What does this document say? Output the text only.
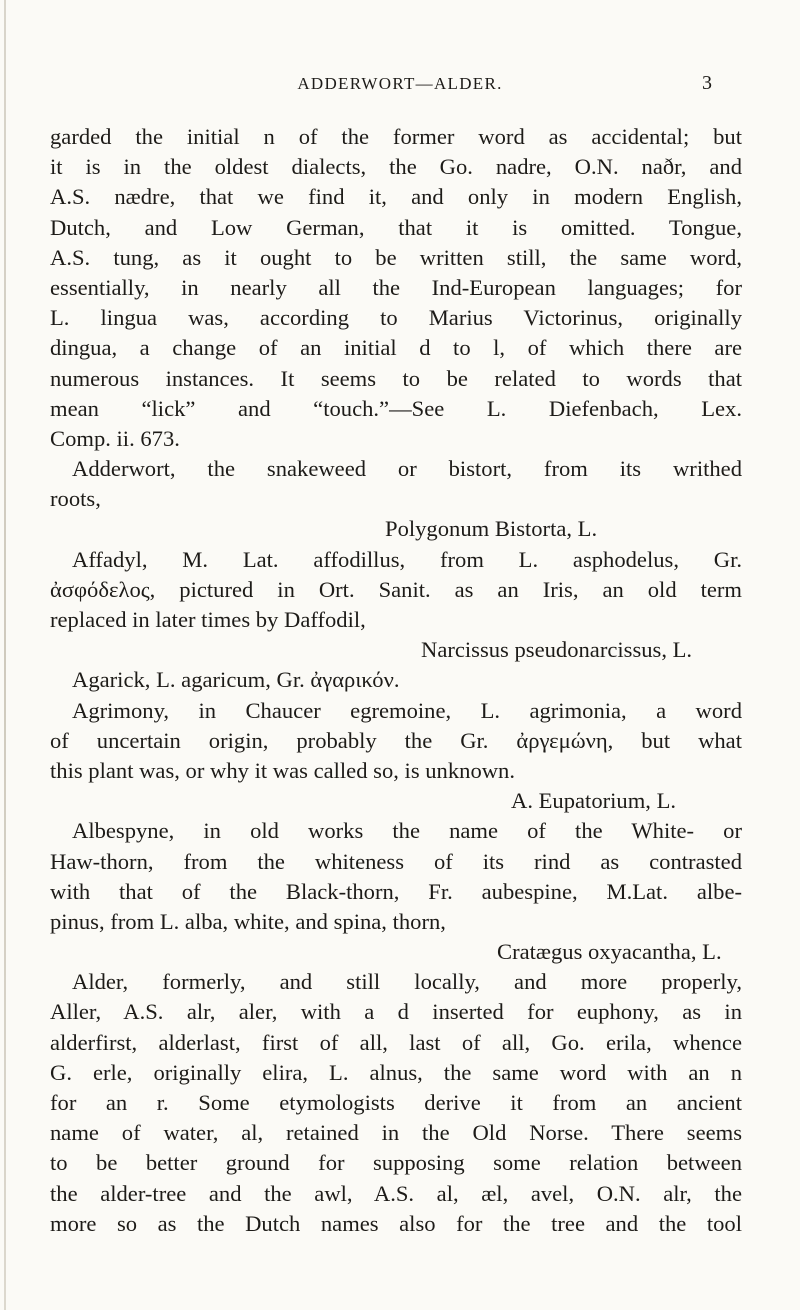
ADDERWORT—ALDER.	3
garded the initial n of the former word as accidental; but
it is in the oldest dialects, the Go. nadre, O.N. naðr, and
A.S. nædre, that we find it, and only in modern English,
Dutch, and Low German, that it is omitted. Tongue,
A.S. tung, as it ought to be written still, the same word,
essentially, in nearly all the Ind-European languages; for
L. lingua was, according to Marius Victorinus, originally
dingua, a change of an initial d to l, of which there are
numerous instances. It seems to be related to words that
mean “lick” and “touch.”—See L. Diefenbach, Lex.
Comp. ii. 673.
Adderwort, the snakeweed or bistort, from its writhed
roots,
Polygonum Bistorta, L.
Affadyl, M. Lat. affodillus, from L. asphodelus, Gr.
ἀσφόδελος, pictured in Ort. Sanit. as an Iris, an old term
replaced in later times by Daffodil,
Narcissus pseudonarcissus, L.
Agarick, L. agaricum, Gr. ἀγαρικόν.
Agrimony, in Chaucer egremoine, L. agrimonia, a word
of uncertain origin, probably the Gr. ἀργεμώνη, but what
this plant was, or why it was called so, is unknown.
A. Eupatorium, L.
Albespyne, in old works the name of the White- or
Haw-thorn, from the whiteness of its rind as contrasted
with that of the Black-thorn, Fr. aubespine, M.Lat. albe-
pinus, from L. alba, white, and spina, thorn,
Cratægus oxyacantha, L.
Alder, formerly, and still locally, and more properly,
Aller, A.S. alr, aler, with a d inserted for euphony, as in
alderfirst, alderlast, first of all, last of all, Go. erila, whence
G. erle, originally elira, L. alnus, the same word with an n
for an r. Some etymologists derive it from an ancient
name of water, al, retained in the Old Norse. There seems
to be better ground for supposing some relation between
the alder-tree and the awl, A.S. al, æl, avel, O.N. alr, the
more so as the Dutch names also for the tree and the tool
